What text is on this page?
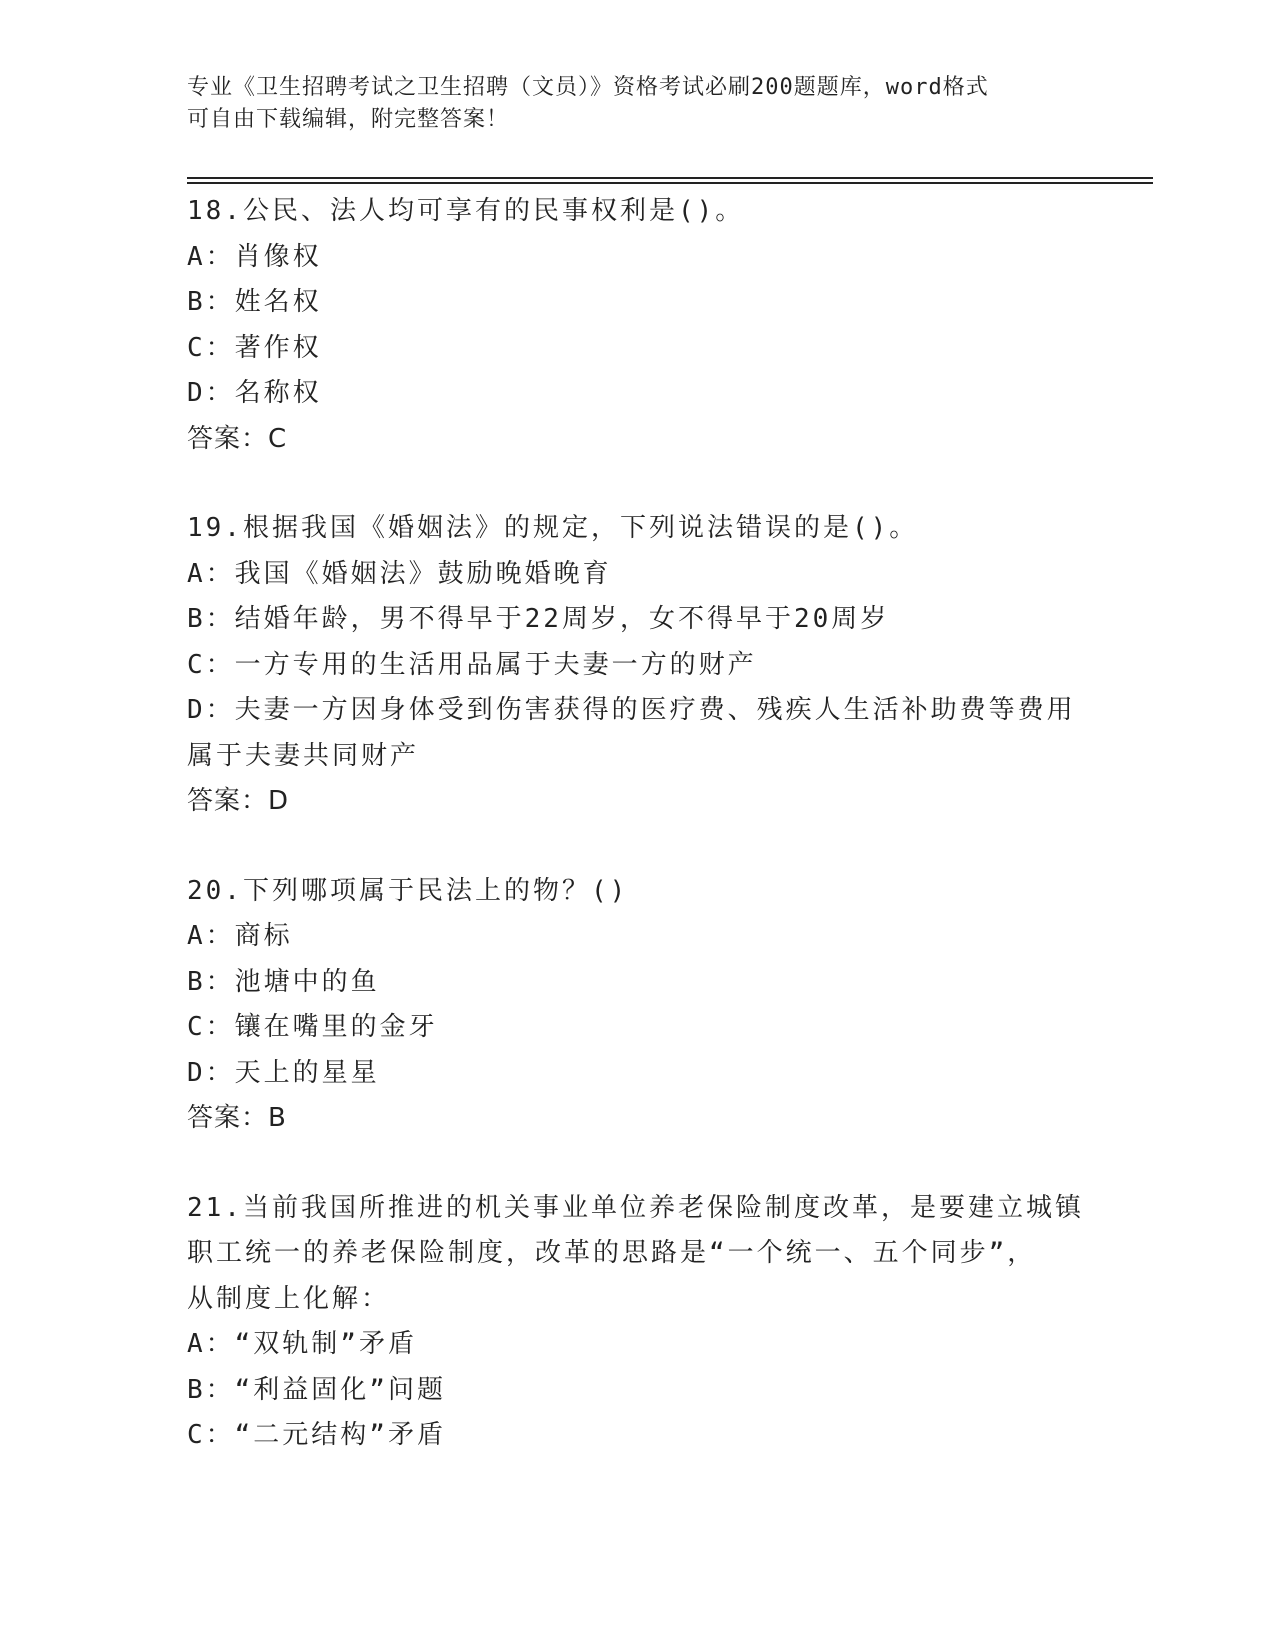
专业《卫生招聘考试之卫生招聘（文员）》资格考试必刷200题题库，word格式
可自由下载编辑，附完整答案！
18.公民、法人均可享有的民事权利是()。
A：肖像权
B：姓名权
C：著作权
D：名称权
答案：C
19.根据我国《婚姻法》的规定，下列说法错误的是()。
A：我国《婚姻法》鼓励晚婚晚育
B：结婚年龄，男不得早于22周岁，女不得早于20周岁
C：一方专用的生活用品属于夫妻一方的财产
D：夫妻一方因身体受到伤害获得的医疗费、残疾人生活补助费等费用
属于夫妻共同财产
答案：D
20.下列哪项属于民法上的物？()
A：商标
B：池塘中的鱼
C：镶在嘴里的金牙
D：天上的星星
答案：B
21.当前我国所推进的机关事业单位养老保险制度改革，是要建立城镇
职工统一的养老保险制度，改革的思路是“一个统一、五个同步”，
从制度上化解：
A：“双轨制”矛盾
B：“利益固化”问题
C：“二元结构”矛盾
